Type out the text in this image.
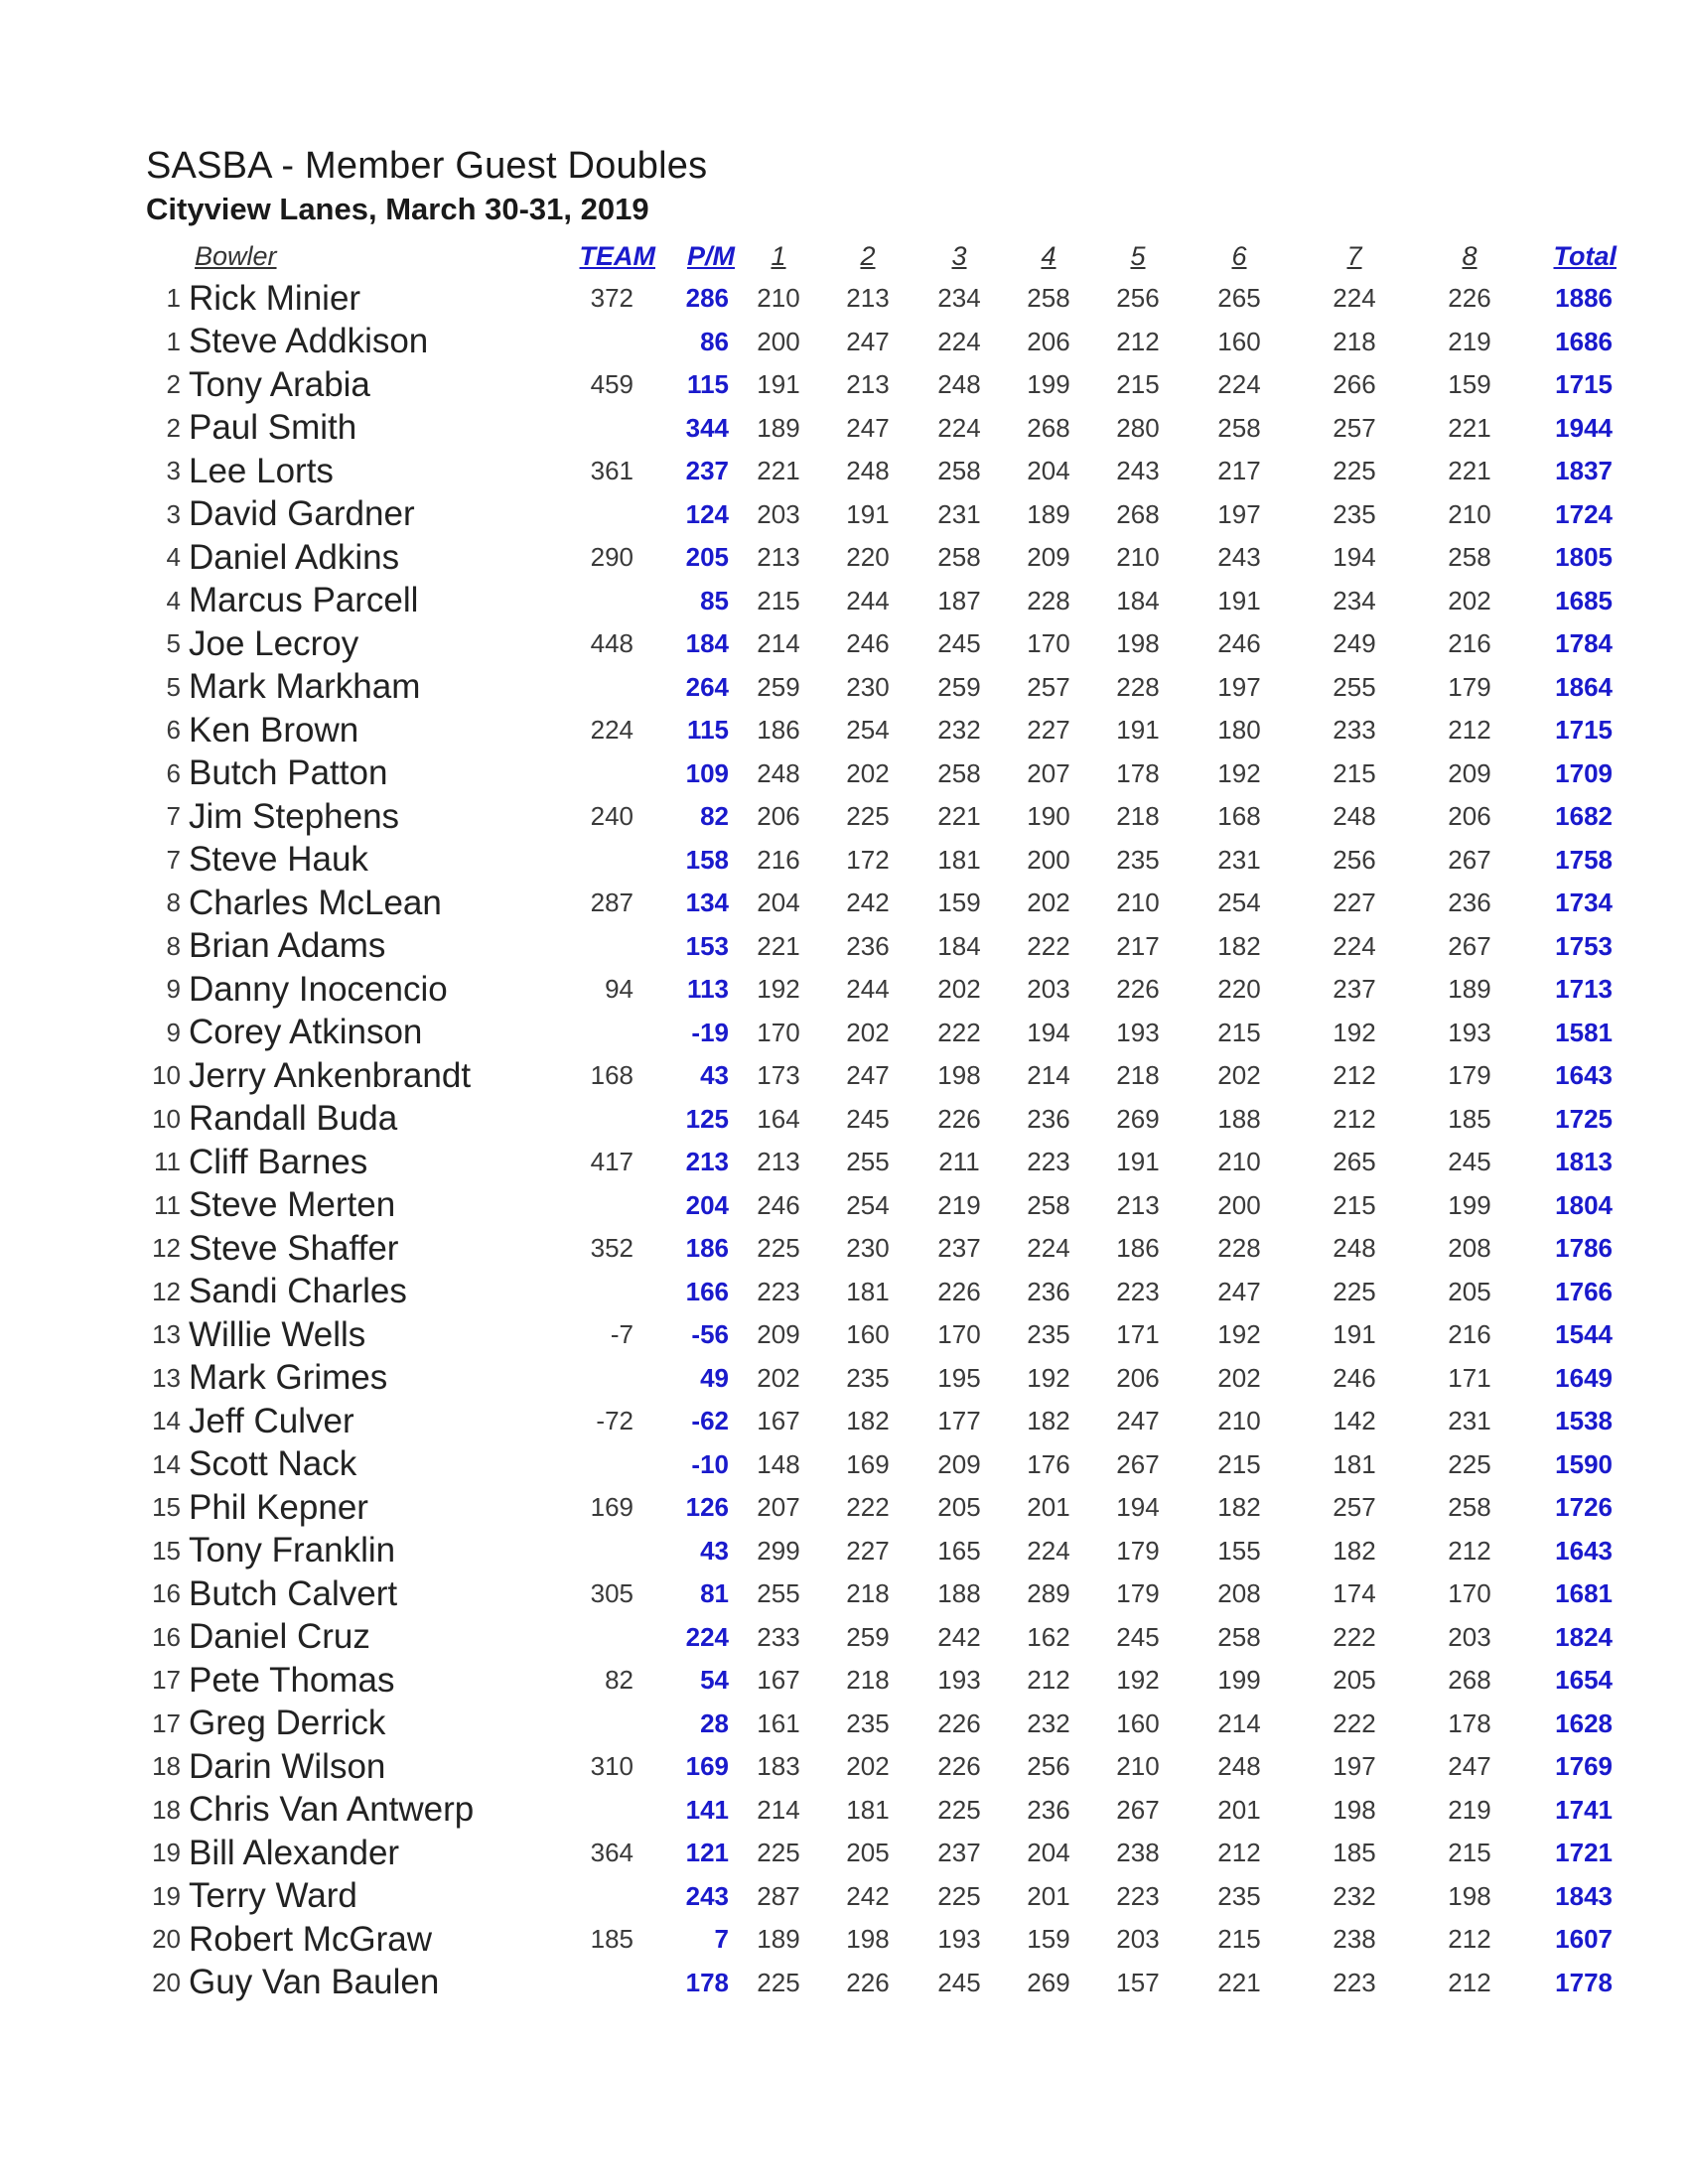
SASBA - Member Guest Doubles
Cityview Lanes, March 30-31, 2019
Bowler		TEAM	P/M	1	2	3	4	5	6	7	8	Total
1	Rick Minier	372	286	210	213	234	258	256	265	224	226	1886
1	Steve Addkison		86	200	247	224	206	212	160	218	219	1686
2	Tony Arabia	459	115	191	213	248	199	215	224	266	159	1715
2	Paul Smith		344	189	247	224	268	280	258	257	221	1944
3	Lee Lorts	361	237	221	248	258	204	243	217	225	221	1837
3	David Gardner		124	203	191	231	189	268	197	235	210	1724
4	Daniel Adkins	290	205	213	220	258	209	210	243	194	258	1805
4	Marcus Parcell		85	215	244	187	228	184	191	234	202	1685
5	Joe Lecroy	448	184	214	246	245	170	198	246	249	216	1784
5	Mark Markham		264	259	230	259	257	228	197	255	179	1864
6	Ken Brown	224	115	186	254	232	227	191	180	233	212	1715
6	Butch Patton		109	248	202	258	207	178	192	215	209	1709
7	Jim Stephens	240	82	206	225	221	190	218	168	248	206	1682
7	Steve Hauk		158	216	172	181	200	235	231	256	267	1758
8	Charles McLean	287	134	204	242	159	202	210	254	227	236	1734
8	Brian Adams		153	221	236	184	222	217	182	224	267	1753
9	Danny Inocencio	94	113	192	244	202	203	226	220	237	189	1713
9	Corey Atkinson		-19	170	202	222	194	193	215	192	193	1581
10	Jerry Ankenbrandt	168	43	173	247	198	214	218	202	212	179	1643
10	Randall Buda		125	164	245	226	236	269	188	212	185	1725
11	Cliff Barnes	417	213	213	255	211	223	191	210	265	245	1813
11	Steve Merten		204	246	254	219	258	213	200	215	199	1804
12	Steve Shaffer	352	186	225	230	237	224	186	228	248	208	1786
12	Sandi Charles		166	223	181	226	236	223	247	225	205	1766
13	Willie Wells	-7	-56	209	160	170	235	171	192	191	216	1544
13	Mark Grimes		49	202	235	195	192	206	202	246	171	1649
14	Jeff Culver	-72	-62	167	182	177	182	247	210	142	231	1538
14	Scott Nack		-10	148	169	209	176	267	215	181	225	1590
15	Phil Kepner	169	126	207	222	205	201	194	182	257	258	1726
15	Tony Franklin		43	299	227	165	224	179	155	182	212	1643
16	Butch Calvert	305	81	255	218	188	289	179	208	174	170	1681
16	Daniel Cruz		224	233	259	242	162	245	258	222	203	1824
17	Pete Thomas	82	54	167	218	193	212	192	199	205	268	1654
17	Greg Derrick		28	161	235	226	232	160	214	222	178	1628
18	Darin Wilson	310	169	183	202	226	256	210	248	197	247	1769
18	Chris Van Antwerp		141	214	181	225	236	267	201	198	219	1741
19	Bill Alexander	364	121	225	205	237	204	238	212	185	215	1721
19	Terry Ward		243	287	242	225	201	223	235	232	198	1843
20	Robert McGraw	185	7	189	198	193	159	203	215	238	212	1607
20	Guy Van Baulen		178	225	226	245	269	157	221	223	212	1778
